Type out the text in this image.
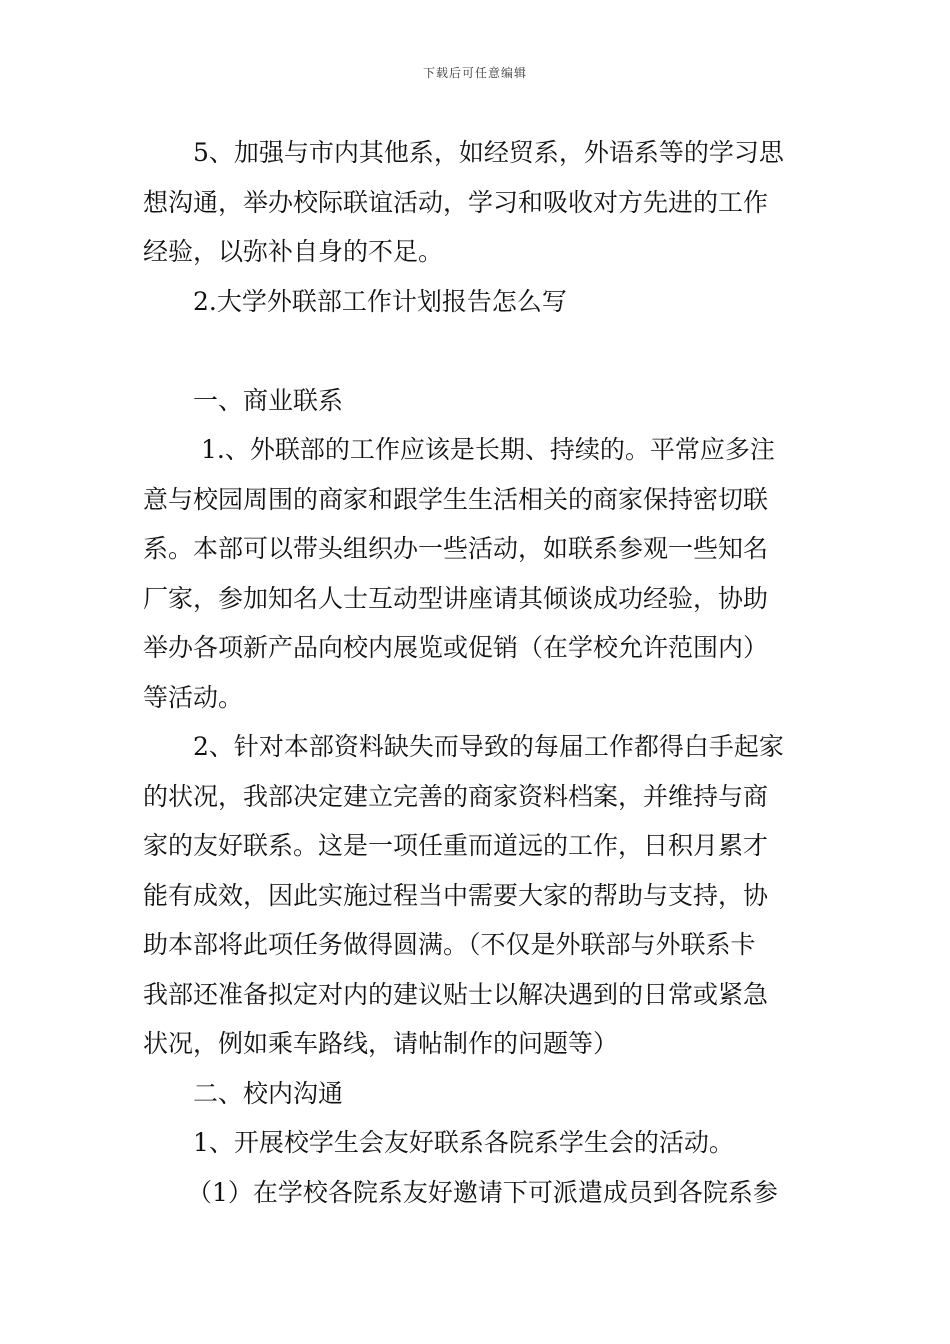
下载后可任意编辑
5、加强与市内其他系，如经贸系，外语系等的学习思
想沟通，举办校际联谊活动，学习和吸收对方先进的工作
经验，以弥补自身的不足。
2.大学外联部工作计划报告怎么写
一、商业联系
1.、外联部的工作应该是长期、持续的。平常应多注
意与校园周围的商家和跟学生生活相关的商家保持密切联
系。本部可以带头组织办一些活动，如联系参观一些知名
厂家，参加知名人士互动型讲座请其倾谈成功经验，协助
举办各项新产品向校内展览或促销（在学校允许范围内）
等活动。
2、针对本部资料缺失而导致的每届工作都得白手起家
的状况，我部决定建立完善的商家资料档案，并维持与商
家的友好联系。这是一项任重而道远的工作，日积月累才
能有成效，因此实施过程当中需要大家的帮助与支持，协
助本部将此项任务做得圆满。（不仅是外联部与外联系卡
我部还准备拟定对内的建议贴士以解决遇到的日常或紧急
状况，例如乘车路线，请帖制作的问题等）
二、校内沟通
1、开展校学生会友好联系各院系学生会的活动。
（1）在学校各院系友好邀请下可派遣成员到各院系参
